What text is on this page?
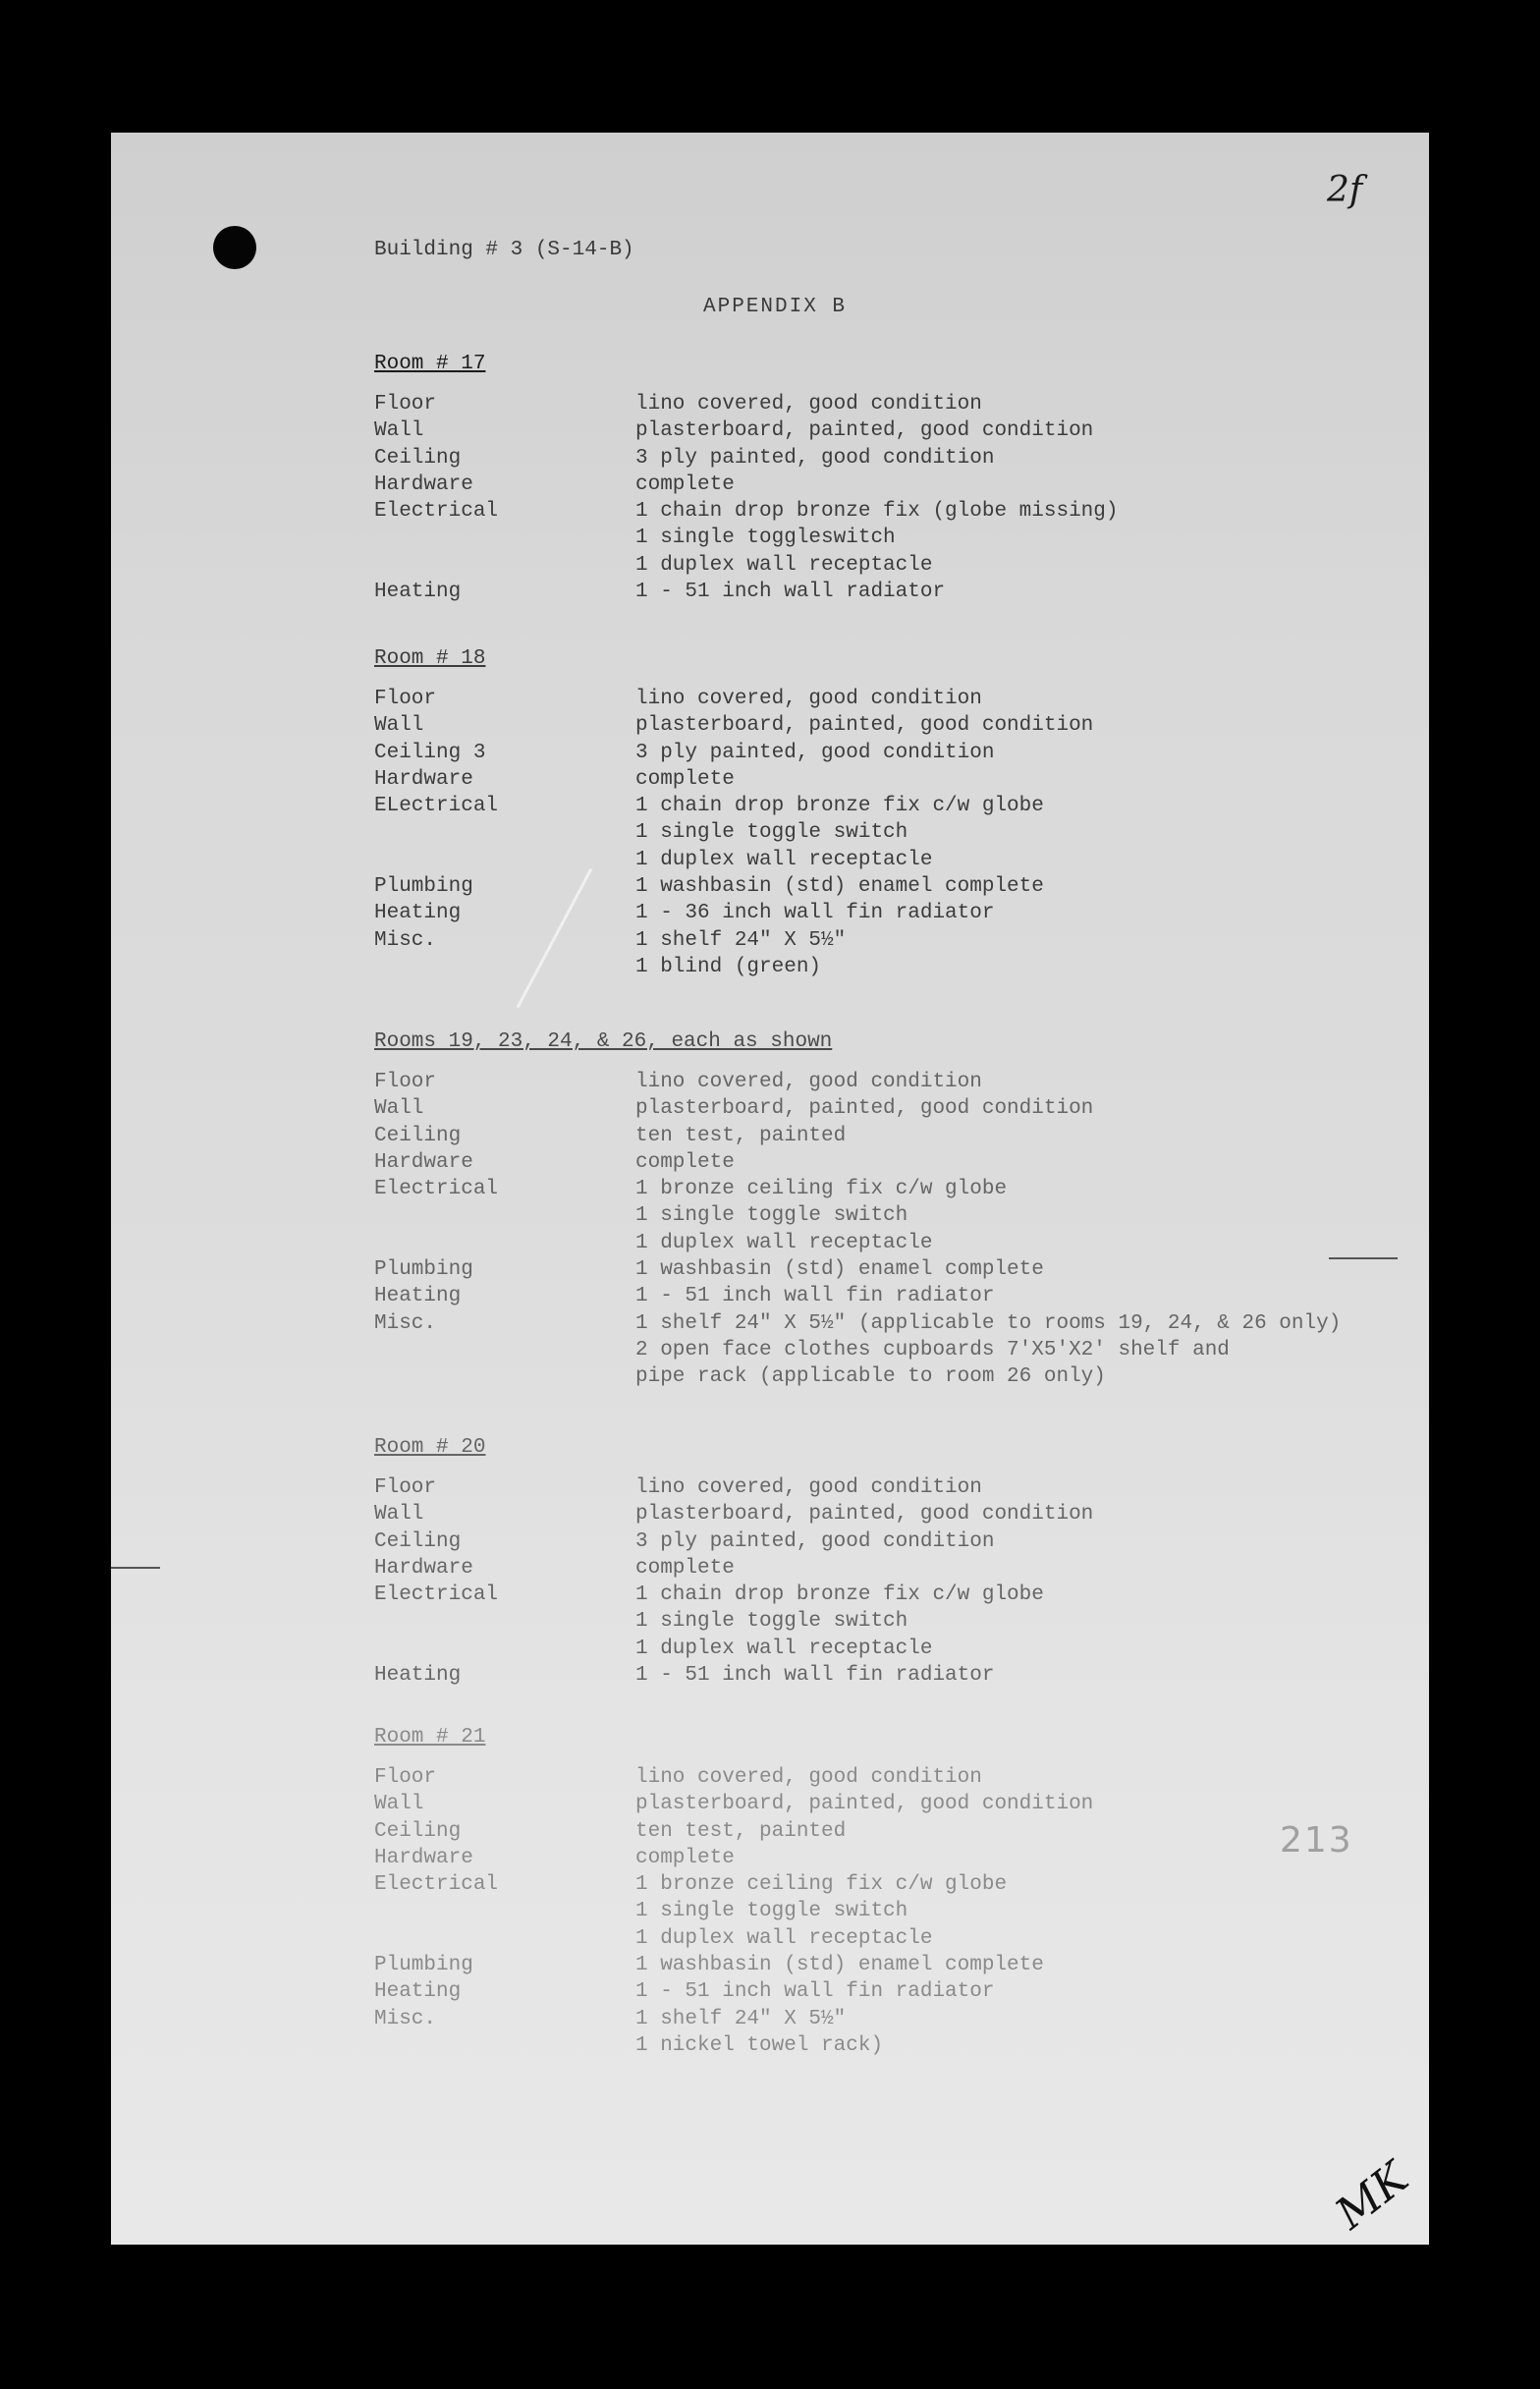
2f
213
MK
Building # 3 (S-14-B)
APPENDIX B
Room # 17
Floor	lino covered, good condition
Wall	plasterboard, painted, good condition
Ceiling	3 ply painted, good condition
Hardware	complete
Electrical	1 chain drop bronze fix (globe missing)
1 single toggleswitch
1 duplex wall receptacle
Heating	1 - 51 inch wall radiator
Room # 18
Floor	lino covered, good condition
Wall	plasterboard, painted, good condition
Ceiling 3	3 ply painted, good condition
Hardware	complete
ELectrical	1 chain drop bronze fix c/w globe
1 single toggle switch
1 duplex wall receptacle
Plumbing	1 washbasin (std) enamel complete
Heating	1 - 36 inch wall fin radiator
Misc.	1 shelf 24" X 5½"
1 blind (green)
Rooms 19, 23, 24, & 26, each as shown
Floor	lino covered, good condition
Wall	plasterboard, painted, good condition
Ceiling	ten test, painted
Hardware	complete
Electrical	1 bronze ceiling fix c/w globe
1 single toggle switch
1 duplex wall receptacle
Plumbing	1 washbasin (std) enamel complete
Heating	1 - 51 inch wall fin radiator
Misc.	1 shelf 24" X 5½" (applicable to rooms 19, 24, & 26 only)
2 open face clothes cupboards 7'X5'X2' shelf and
pipe rack (applicable to room 26 only)
Room # 20
Floor	lino covered, good condition
Wall	plasterboard, painted, good condition
Ceiling	3 ply painted, good condition
Hardware	complete
Electrical	1 chain drop bronze fix c/w globe
1 single toggle switch
1 duplex wall receptacle
Heating	1 - 51 inch wall fin radiator
Room # 21
Floor	lino covered, good condition
Wall	plasterboard, painted, good condition
Ceiling	ten test, painted
Hardware	complete
Electrical	1 bronze ceiling fix c/w globe
1 single toggle switch
1 duplex wall receptacle
Plumbing	1 washbasin (std) enamel complete
Heating	1 - 51 inch wall fin radiator
Misc.	1 shelf 24" X 5½"
1 nickel towel rack)
